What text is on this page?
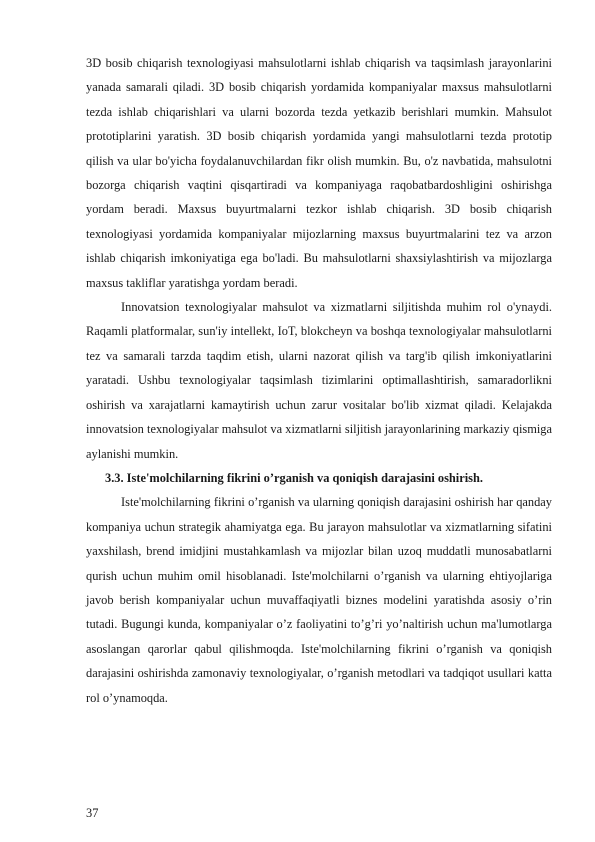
3D bosib chiqarish texnologiyasi mahsulotlarni ishlab chiqarish va taqsimlash jarayonlarini yanada samarali qiladi. 3D bosib chiqarish yordamida kompaniyalar maxsus mahsulotlarni tezda ishlab chiqarishlari va ularni bozorda tezda yetkazib berishlari mumkin. Mahsulot prototiplarini yaratish. 3D bosib chiqarish yordamida yangi mahsulotlarni tezda prototip qilish va ular bo'yicha foydalanuvchilardan fikr olish mumkin. Bu, o'z navbatida, mahsulotni bozorga chiqarish vaqtini qisqartiradi va kompaniyaga raqobatbardoshligini oshirishga yordam beradi. Maxsus buyurtmalarni tezkor ishlab chiqarish. 3D bosib chiqarish texnologiyasi yordamida kompaniyalar mijozlarning maxsus buyurtmalarini tez va arzon ishlab chiqarish imkoniyatiga ega bo'ladi. Bu mahsulotlarni shaxsiylashtirish va mijozlarga maxsus takliflar yaratishga yordam beradi.

Innovatsion texnologiyalar mahsulot va xizmatlarni siljitishda muhim rol o'ynaydi. Raqamli platformalar, sun'iy intellekt, IoT, blokcheyn va boshqa texnologiyalar mahsulotlarni tez va samarali tarzda taqdim etish, ularni nazorat qilish va targ'ib qilish imkoniyatlarini yaratadi. Ushbu texnologiyalar taqsimlash tizimlarini optimallashtirish, samaradorlikni oshirish va xarajatlarni kamaytirish uchun zarur vositalar bo'lib xizmat qiladi. Kelajakda innovatsion texnologiyalar mahsulot va xizmatlarni siljitish jarayonlarining markaziy qismiga aylanishi mumkin.

3.3. Iste'molchilarning fikrini o’rganish va qoniqish darajasini oshirish.

Iste'molchilarning fikrini o’rganish va ularning qoniqish darajasini oshirish har qanday kompaniya uchun strategik ahamiyatga ega. Bu jarayon mahsulotlar va xizmatlarning sifatini yaxshilash, brend imidjini mustahkamlash va mijozlar bilan uzoq muddatli munosabatlarni qurish uchun muhim omil hisoblanadi. Iste'molchilarni o’rganish va ularning ehtiyojlariga javob berish kompaniyalar uchun muvaffaqiyatli biznes modelini yaratishda asosiy o’rin tutadi. Bugungi kunda, kompaniyalar o’z faoliyatini to’g’ri yo’naltirish uchun ma'lumotlarga asoslangan qarorlar qabul qilishmoqda. Iste'molchilarning fikrini o’rganish va qoniqish darajasini oshirishda zamonaviy texnologiyalar, o’rganish metodlari va tadqiqot usullari katta rol o’ynamoqda.

37
